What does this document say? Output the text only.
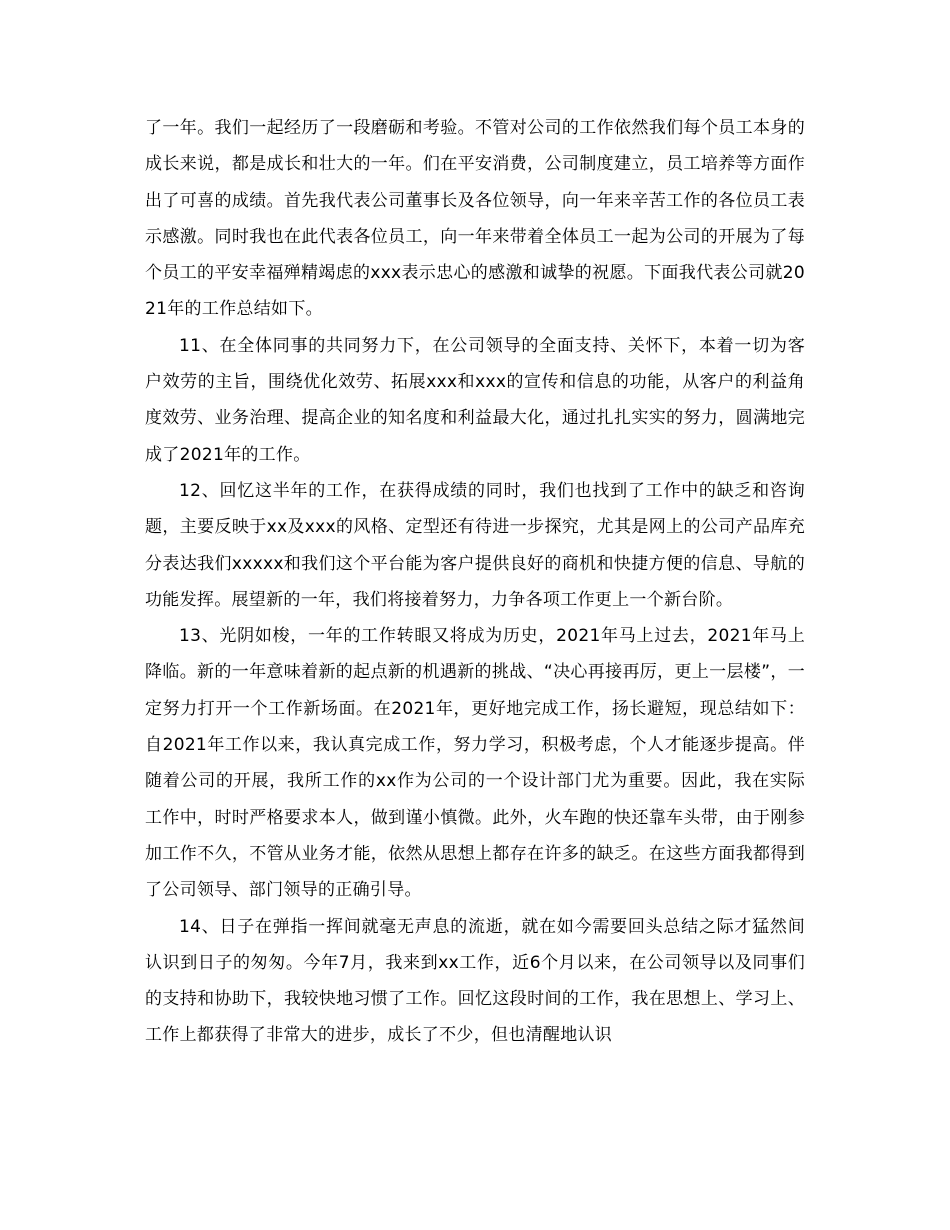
了一年。我们一起经历了一段磨砺和考验。不管对公司的工作依然我们每个员工本身的成长来说，都是成长和壮大的一年。们在平安消费，公司制度建立，员工培养等方面作出了可喜的成绩。首先我代表公司董事长及各位领导，向一年来辛苦工作的各位员工表示感激。同时我也在此代表各位员工，向一年来带着全体员工一起为公司的开展为了每个员工的平安幸福殚精竭虑的xxx表示忠心的感激和诚挚的祝愿。下面我代表公司就2021年的工作总结如下。

11、在全体同事的共同努力下，在公司领导的全面支持、关怀下，本着一切为客户效劳的主旨，围绕优化效劳、拓展xxx和xxx的宣传和信息的功能，从客户的利益角度效劳、业务治理、提高企业的知名度和利益最大化，通过扎扎实实的努力，圆满地完成了2021年的工作。

12、回忆这半年的工作，在获得成绩的同时，我们也找到了工作中的缺乏和咨询题，主要反映于xx及xxx的风格、定型还有待进一步探究，尤其是网上的公司产品库充分表达我们xxxxx和我们这个平台能为客户提供良好的商机和快捷方便的信息、导航的功能发挥。展望新的一年，我们将接着努力，力争各项工作更上一个新台阶。

13、光阴如梭，一年的工作转眼又将成为历史，2021年马上过去，2021年马上降临。新的一年意味着新的起点新的机遇新的挑战、“决心再接再厉，更上一层楼”，一定努力打开一个工作新场面。在2021年，更好地完成工作，扬长避短，现总结如下：自2021年工作以来，我认真完成工作，努力学习，积极考虑，个人才能逐步提高。伴随着公司的开展，我所工作的xx作为公司的一个设计部门尤为重要。因此，我在实际工作中，时时严格要求本人，做到谨小慎微。此外，火车跑的快还靠车头带，由于刚参加工作不久，不管从业务才能，依然从思想上都存在许多的缺乏。在这些方面我都得到了公司领导、部门领导的正确引导。

14、日子在弹指一挥间就毫无声息的流逝，就在如今需要回头总结之际才猛然间认识到日子的匆匆。今年7月，我来到xx工作，近6个月以来，在公司领导以及同事们的支持和协助下，我较快地习惯了工作。回忆这段时间的工作，我在思想上、学习上、工作上都获得了非常大的进步，成长了不少，但也清醒地认识
